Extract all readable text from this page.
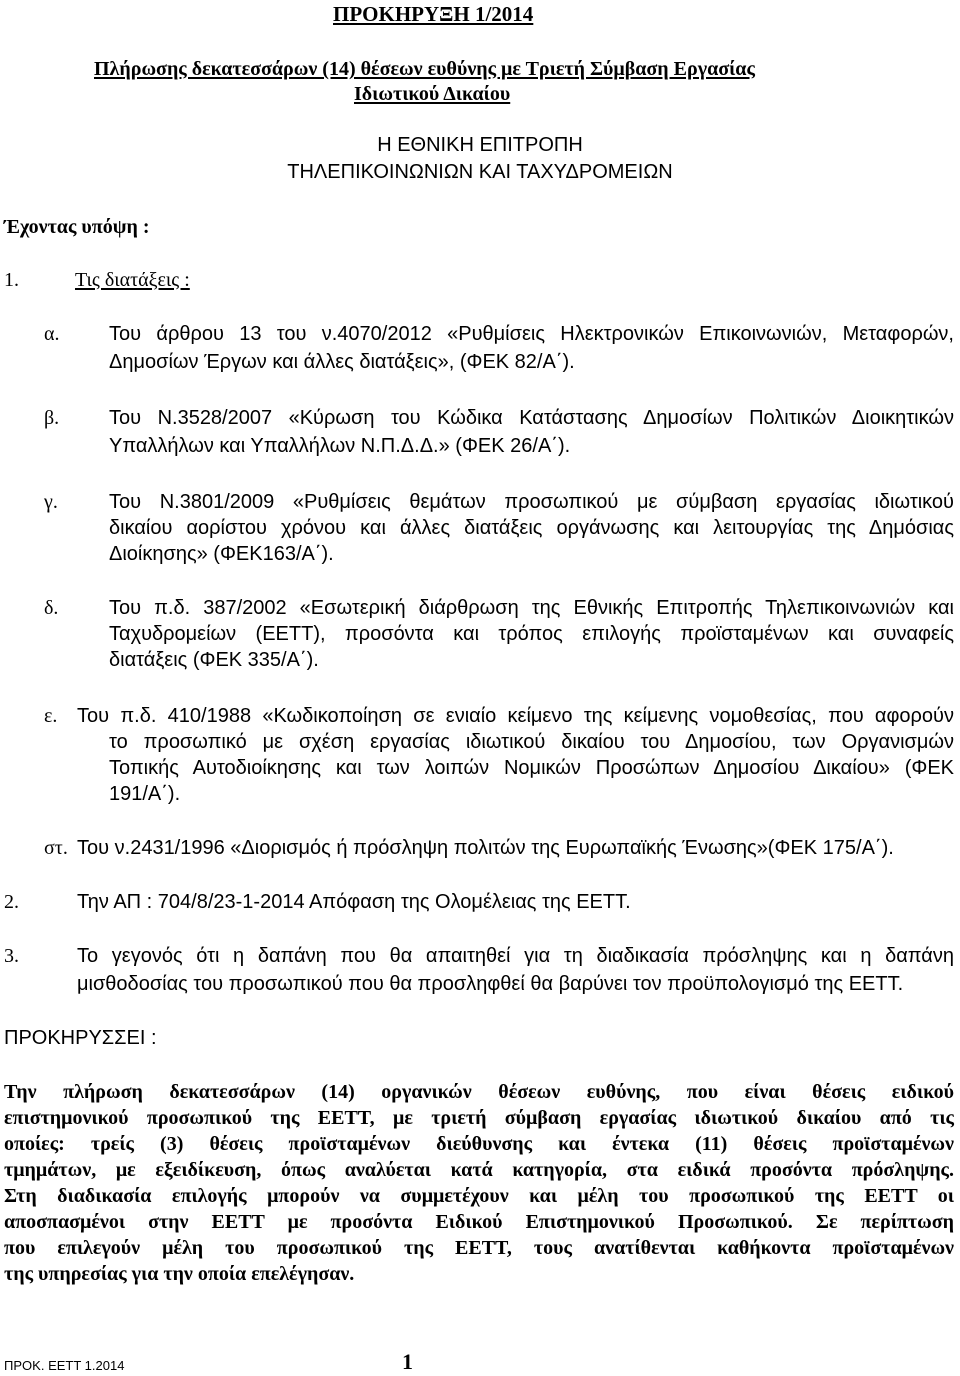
ΠΡΟΚΗΡΥΞΗ 1/2014
Πλήρωσης δεκατεσσάρων (14) θέσεων ευθύνης με Τριετή Σύμβαση Εργασίας
Ιδιωτικού Δικαίου
Η ΕΘΝΙΚΗ ΕΠΙΤΡΟΠΗ
ΤΗΛΕΠΙΚΟΙΝΩΝΙΩΝ ΚΑΙ ΤΑΧΥΔΡΟΜΕΙΩΝ
Έχοντας υπόψη :
1.	Τις διατάξεις :
α. Του άρθρου 13 του ν.4070/2012 «Ρυθμίσεις Ηλεκτρονικών Επικοινωνιών, Μεταφορών,
Δημοσίων Έργων και άλλες διατάξεις», (ΦΕΚ 82/Α΄).
β. Του Ν.3528/2007 «Κύρωση του Κώδικα Κατάστασης Δημοσίων Πολιτικών Διοικητικών
Υπαλλήλων και Υπαλλήλων Ν.Π.Δ.Δ.» (ΦΕΚ 26/Α΄).
γ.	Του Ν.3801/2009 «Ρυθμίσεις θεμάτων προσωπικού με σύμβαση εργασίας ιδιωτικού
δικαίου αορίστου χρόνου και άλλες διατάξεις οργάνωσης και λειτουργίας της Δημόσιας
Διοίκησης» (ΦΕΚ163/Α΄).
δ.	Του π.δ. 387/2002 «Εσωτερική διάρθρωση της Εθνικής Επιτροπής Τηλεπικοινωνιών και
Ταχυδρομείων (ΕΕΤΤ), προσόντα και τρόπος επιλογής προϊσταμένων και συναφείς
διατάξεις (ΦΕΚ 335/Α΄).
ε. Του π.δ. 410/1988 «Κωδικοποίηση σε ενιαίο κείμενο της κείμενης νομοθεσίας, που αφορούν
το προσωπικό με σχέση εργασίας ιδιωτικού δικαίου του Δημοσίου, των Οργανισμών
Τοπικής Αυτοδιοίκησης και των λοιπών Νομικών Προσώπων Δημοσίου Δικαίου» (ΦΕΚ
191/Α΄).
στ. Του ν.2431/1996 «Διορισμός ή πρόσληψη πολιτών της Ευρωπαϊκής Ένωσης»(ΦΕΚ 175/Α΄).
2.	Την ΑΠ : 704/8/23-1-2014 Απόφαση της Ολομέλειας της ΕΕΤΤ.
3.	Το γεγονός ότι η δαπάνη που θα απαιτηθεί για τη διαδικασία πρόσληψης και η δαπάνη
μισθοδοσίας του προσωπικού που θα προσληφθεί θα βαρύνει τον προϋπολογισμό της ΕΕΤΤ.
ΠΡΟΚΗΡΥΣΣΕΙ :
Την πλήρωση δεκατεσσάρων (14) οργανικών θέσεων ευθύνης, που είναι θέσεις ειδικού
επιστημονικού προσωπικού της ΕΕΤΤ, με τριετή σύμβαση εργασίας ιδιωτικού δικαίου από τις
οποίες: τρείς (3) θέσεις προϊσταμένων διεύθυνσης και έντεκα (11) θέσεις προϊσταμένων
τμημάτων, με εξειδίκευση, όπως αναλύεται κατά κατηγορία, στα ειδικά προσόντα πρόσληψης.
Στη διαδικασία επιλογής μπορούν να συμμετέχουν και μέλη του προσωπικού της ΕΕΤΤ οι
αποσπασμένοι στην ΕΕΤΤ με προσόντα Ειδικού Επιστημονικού Προσωπικού. Σε περίπτωση
που επιλεγούν μέλη του προσωπικού της ΕΕΤΤ, τους ανατίθενται καθήκοντα προϊσταμένων
της υπηρεσίας για την οποία επελέγησαν.
ΠΡΟΚ. ΕΕΤΤ 1.2014	1
